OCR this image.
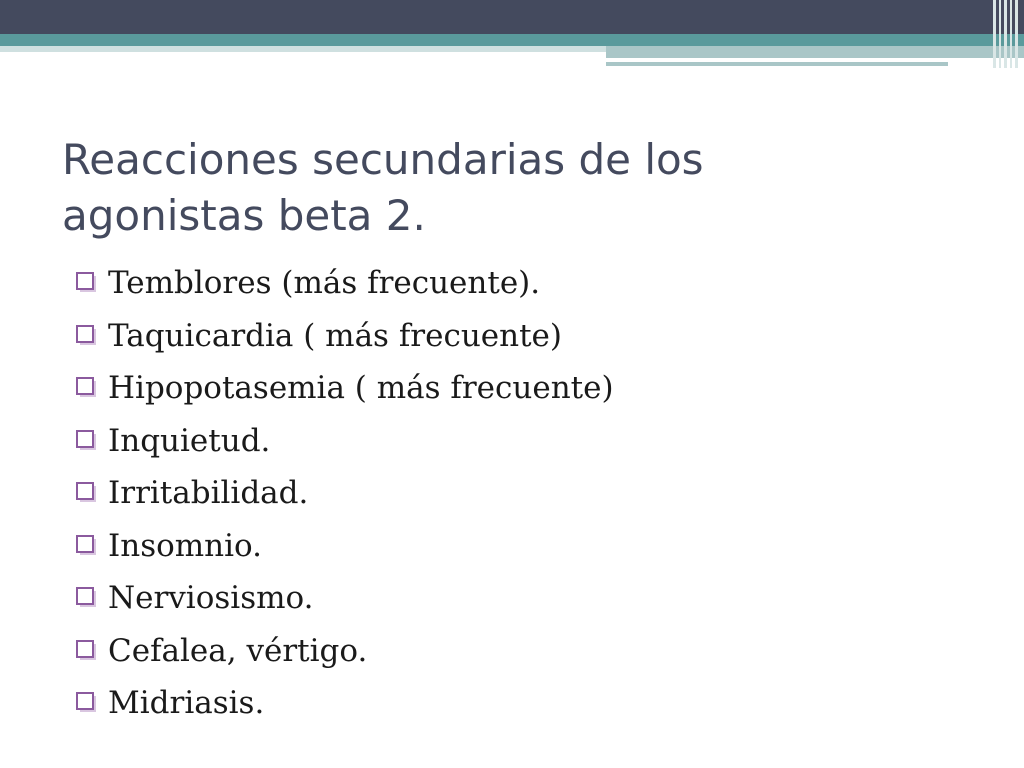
Reacciones secundarias de los
agonistas beta 2.
Temblores (más frecuente).
Taquicardia ( más frecuente)
Hipopotasemia ( más frecuente)
Inquietud.
Irritabilidad.
Insomnio.
Nerviosismo.
Cefalea, vértigo.
Midriasis.
